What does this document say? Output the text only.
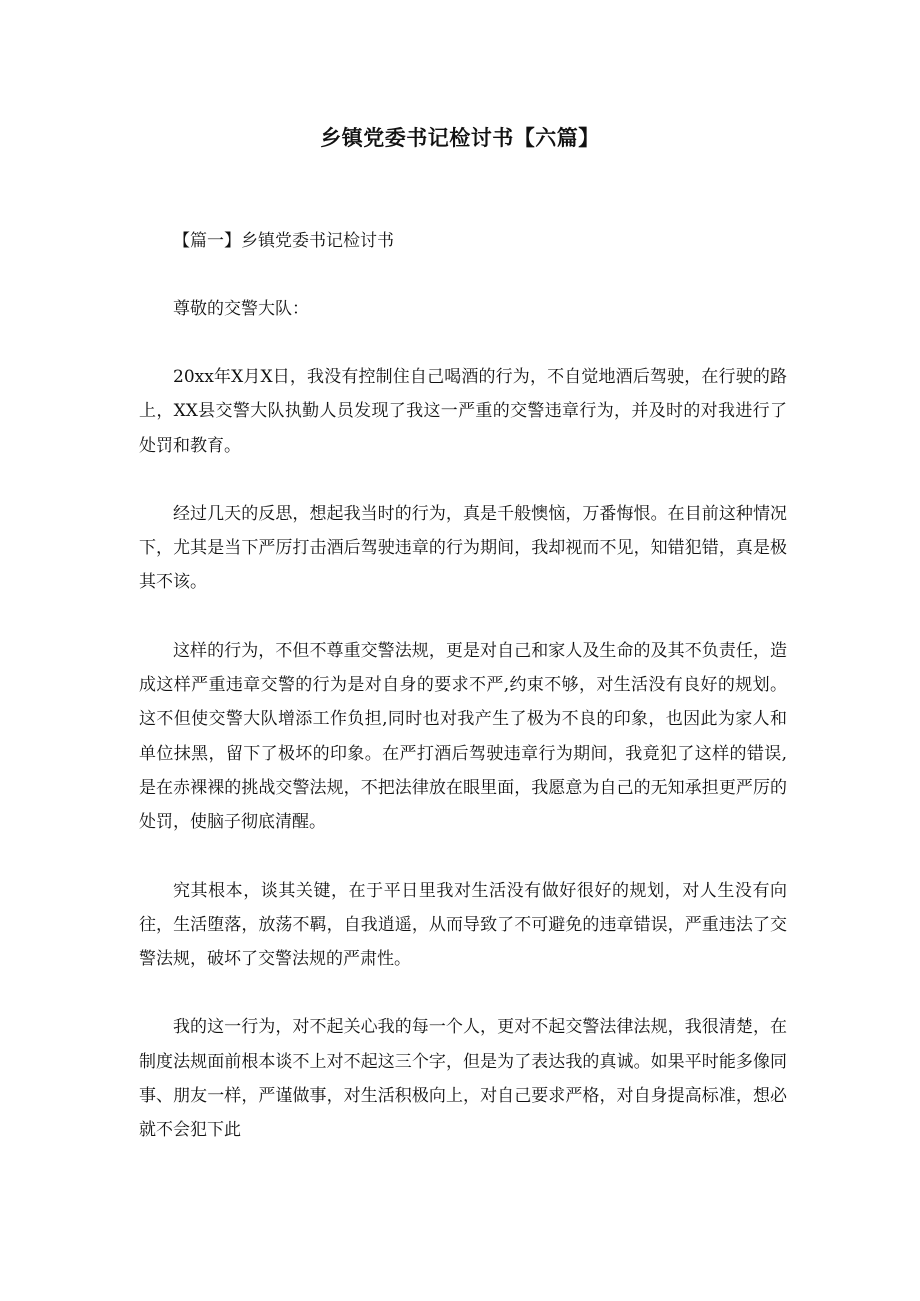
乡镇党委书记检讨书【六篇】

【篇一】乡镇党委书记检讨书

尊敬的交警大队：

20xx年X月X日，我没有控制住自己喝酒的行为，不自觉地酒后驾驶，在行驶的路上，XX县交警大队执勤人员发现了我这一严重的交警违章行为，并及时的对我进行了处罚和教育。

经过几天的反思，想起我当时的行为，真是千般懊恼，万番悔恨。在目前这种情况下，尤其是当下严厉打击酒后驾驶违章的行为期间，我却视而不见，知错犯错，真是极其不该。

这样的行为，不但不尊重交警法规，更是对自己和家人及生命的及其不负责任，造成这样严重违章交警的行为是对自身的要求不严,约束不够，对生活没有良好的规划。这不但使交警大队增添工作负担,同时也对我产生了极为不良的印象，也因此为家人和单位抹黑，留下了极坏的印象。在严打酒后驾驶违章行为期间，我竟犯了这样的错误,是在赤裸裸的挑战交警法规，不把法律放在眼里面，我愿意为自己的无知承担更严厉的处罚，使脑子彻底清醒。

究其根本，谈其关键，在于平日里我对生活没有做好很好的规划，对人生没有向往，生活堕落，放荡不羁，自我逍遥，从而导致了不可避免的违章错误，严重违法了交警法规，破坏了交警法规的严肃性。

我的这一行为，对不起关心我的每一个人，更对不起交警法律法规，我很清楚，在制度法规面前根本谈不上对不起这三个字，但是为了表达我的真诚。如果平时能多像同事、朋友一样，严谨做事，对生活积极向上，对自己要求严格，对自身提高标准，想必就不会犯下此
